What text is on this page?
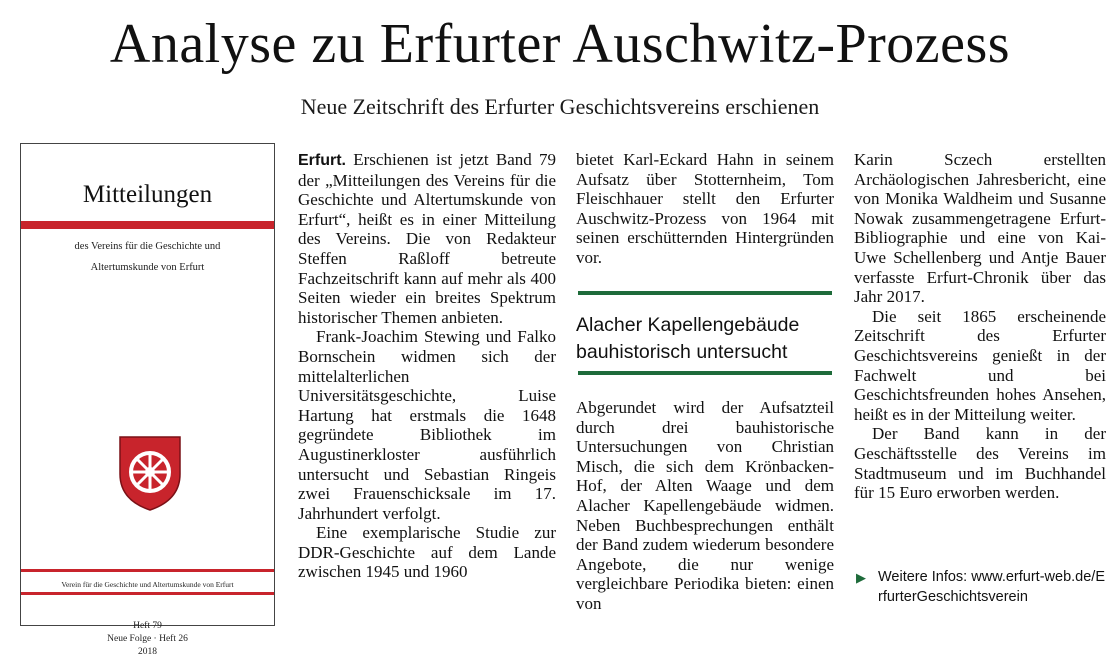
Analyse zu Erfurter Auschwitz-Prozess
Neue Zeitschrift des Erfurter Geschichtsvereins erschienen
Mitteilungen
des Vereins für die Geschichte und
Altertumskunde von Erfurt
Heft 79
Neue Folge · Heft 26
2018
Verein für die Geschichte und Altertumskunde von Erfurt

Erfurt. Erschienen ist jetzt Band 79 der „Mitteilungen des Vereins für die Geschichte und Altertumskunde von Erfurt“, heißt es in einer Mitteilung des Vereins. Die von Redakteur Steffen Raßloff betreute Fachzeitschrift kann auf mehr als 400 Seiten wieder ein breites Spektrum historischer Themen anbieten.

Frank-Joachim Stewing und Falko Bornschein widmen sich der mittelalterlichen Universitätsgeschichte, Luise Hartung hat erstmals die 1648 gegründete Bibliothek im Augustinerkloster ausführlich untersucht und Sebastian Ringeis zwei Frauenschicksale im 17. Jahrhundert verfolgt.

Eine exemplarische Studie zur DDR-Geschichte auf dem Lande zwischen 1945 und 1960

bietet Karl-Eckard Hahn in seinem Aufsatz über Stotternheim, Tom Fleischhauer stellt den Erfurter Auschwitz-Prozess von 1964 mit seinen erschütternden Hintergründen vor.

Alacher Kapellengebäude bauhistorisch untersucht

Abgerundet wird der Aufsatzteil durch drei bauhistorische Untersuchungen von Christian Misch, die sich dem Krönbacken-Hof, der Alten Waage und dem Alacher Kapellengebäude widmen. Neben Buchbesprechungen enthält der Band zudem wiederum besondere Angebote, die nur wenige vergleichbare Periodika bieten: einen von

Karin Sczech erstellten Archäologischen Jahresbericht, eine von Monika Waldheim und Susanne Nowak zusammengetragene Erfurt-Bibliographie und eine von Kai-Uwe Schellenberg und Antje Bauer verfasste Erfurt-Chronik über das Jahr 2017.

Die seit 1865 erscheinende Zeitschrift des Erfurter Geschichtsvereins genießt in der Fachwelt und bei Geschichtsfreunden hohes Ansehen, heißt es in der Mitteilung weiter.

Der Band kann in der Geschäftsstelle des Vereins im Stadtmuseum und im Buchhandel für 15 Euro erworben werden.

▶ Weitere Infos: www.erfurt-web.de/ErfurterGeschichtsverein
